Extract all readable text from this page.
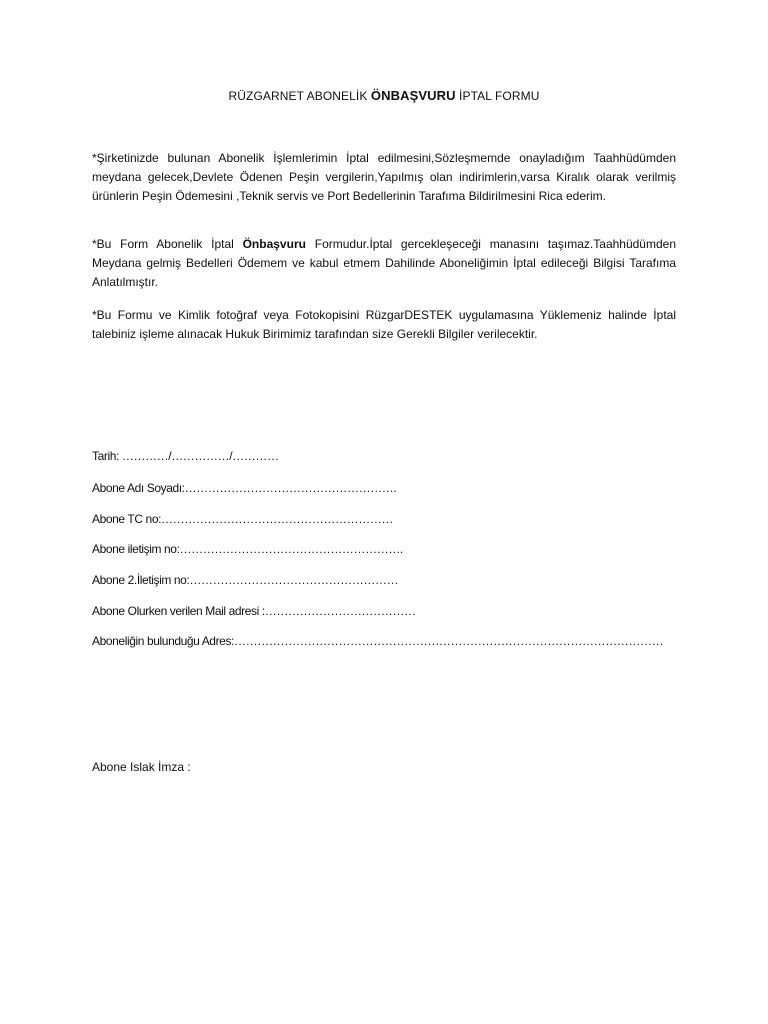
RÜZGARNET ABONELİK ÖNBAŞVURU İPTAL FORMU
*Şirketinizde bulunan Abonelik İşlemlerimin İptal edilmesini,Sözleşmemde onayladığım Taahhüdümden meydana gelecek,Devlete Ödenen Peşin vergilerin,Yapılmış olan indirimlerin,varsa Kiralık olarak verilmiş ürünlerin Peşin Ödemesini ,Teknik servis ve Port Bedellerinin Tarafıma Bildirilmesini Rica ederim.
*Bu Form Abonelik İptal Önbaşvuru Formudur.İptal gercekleşeceği manasını taşımaz.Taahhüdümden Meydana gelmiş Bedelleri Ödemem ve kabul etmem Dahilinde Aboneliğimin İptal edileceği Bilgisi Tarafıma Anlatılmıştır.
*Bu Formu ve Kimlik fotoğraf veya Fotokopisini RüzgarDESTEK uygulamasına Yüklemeniz halinde İptal talebiniz işleme alınacak Hukuk Birimimiz tarafından size Gerekli Bilgiler verilecektir.
Tarih: …………/……………/…………
Abone Adı Soyadı:……………………………………………….
Abone TC no:……………………………………………………
Abone iletişim no:………………………………………………….
Abone 2.İletişim no:………………………………………………
Abone Olurken verilen Mail adresi :…………………………………
Aboneliğin bulunduğu Adres:…………………………………………………………………………………………………
Abone Islak İmza :
